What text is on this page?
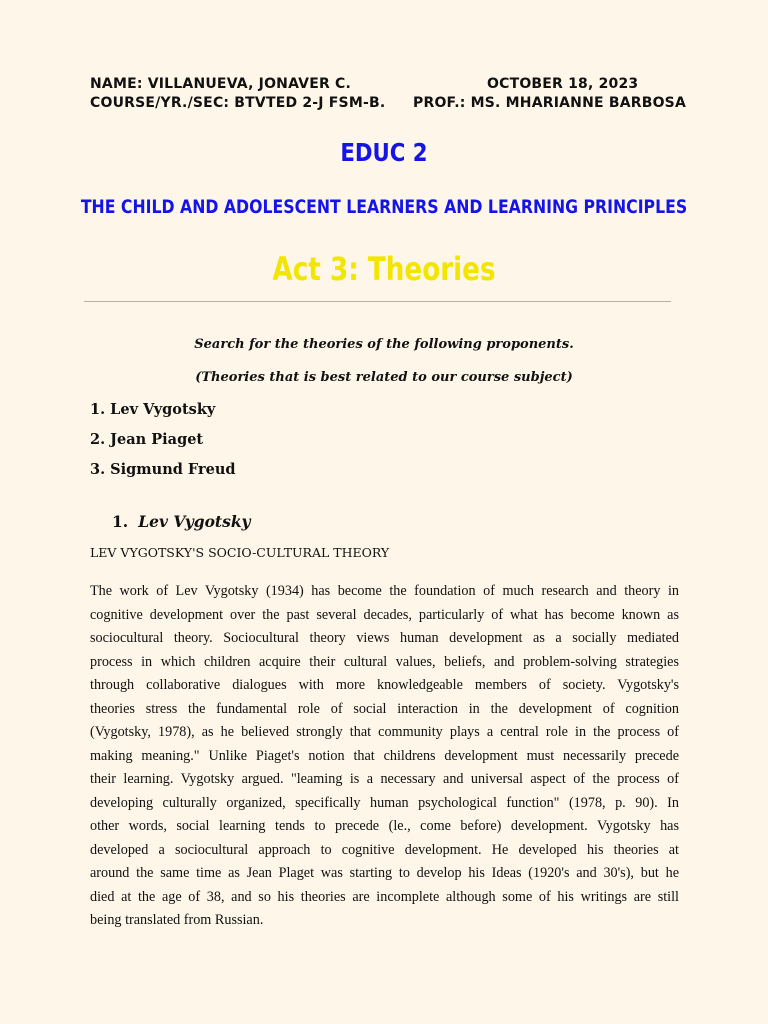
NAME: VILLANUEVA, JONAVER C.	OCTOBER 18, 2023
COURSE/YR./SEC: BTVTED 2-J FSM-B. PROF.: MS. MHARIANNE BARBOSA
EDUC 2
THE CHILD AND ADOLESCENT LEARNERS AND LEARNING PRINCIPLES
Act 3: Theories
Search for the theories of the following proponents.
(Theories that is best related to our course subject)
1. Lev Vygotsky
2. Jean Piaget
3. Sigmund Freud
1. Lev Vygotsky
LEV VYGOTSKY'S SOCIO-CULTURAL THEORY
The work of Lev Vygotsky (1934) has become the foundation of much research and theory in
cognitive development over the past several decades, particularly of what has become known as
sociocultural theory. Sociocultural theory views human development as a socially mediated
process in which children acquire their cultural values, beliefs, and problem-solving strategies
through collaborative dialogues with more knowledgeable members of society. Vygotsky's
theories stress the fundamental role of social interaction in the development of cognition
(Vygotsky, 1978), as he believed strongly that community plays a central role in the process of
making meaning." Unlike Piaget's notion that childrens development must necessarily precede
their learning. Vygotsky argued. "leaming is a necessary and universal aspect of the process of
developing culturally organized, specifically human psychological function" (1978, p. 90). In
other words, social learning tends to precede (le., come before) development. Vygotsky has
developed a sociocultural approach to cognitive development. He developed his theories at
around the same time as Jean Plaget was starting to develop his Ideas (1920's and 30's), but he
died at the age of 38, and so his theories are incomplete although some of his writings are still
being translated from Russian.
